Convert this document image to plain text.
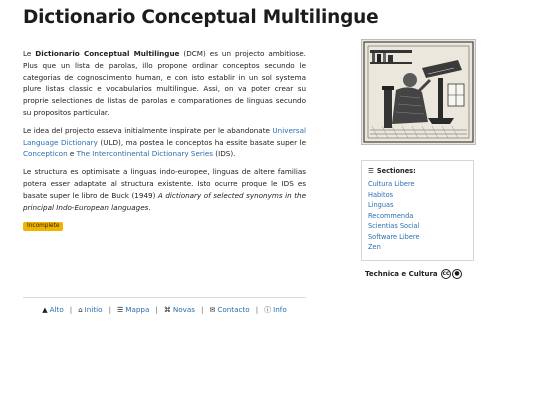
Dictionario Conceptual Multilingue

Le Dictionario Conceptual Multilingue (DCM) es un projecto ambitiose. Plus que un lista de parolas, illo propone ordinar conceptos secundo le categorias de cognoscimento human, e con isto establir in un sol systema plure listas classic e vocabularios multilingue. Assi, on va poter crear su proprie selectiones de listas de parolas e comparationes de linguas secundo su propositos particular.

Le idea del projecto esseva initialmente inspirate per le abandonate Universal Language Dictionary (ULD), ma postea le conceptos ha essite basate super le Concepticon e The Intercontinental Dictionary Series (IDS).

Le structura es optimisate a linguas indo-europee, linguas de altere familias potera esser adaptate al structura existente. Isto ocurre proque le IDS es basate super le libro de Buck (1949) A dictionary of selected synonyms in the principal Indo-European languages.

Incomplete
▲ Alto | ⌂ Initio | ☰ Mappa | ⌘ Novas | ✉ Contacto | ⓘ Info
☰ Sectiones:
Cultura Libere
Habitos
Linguas
Recommenda
Scientias Social
Software Libere
Zen
Technica e Cultura cc ●
